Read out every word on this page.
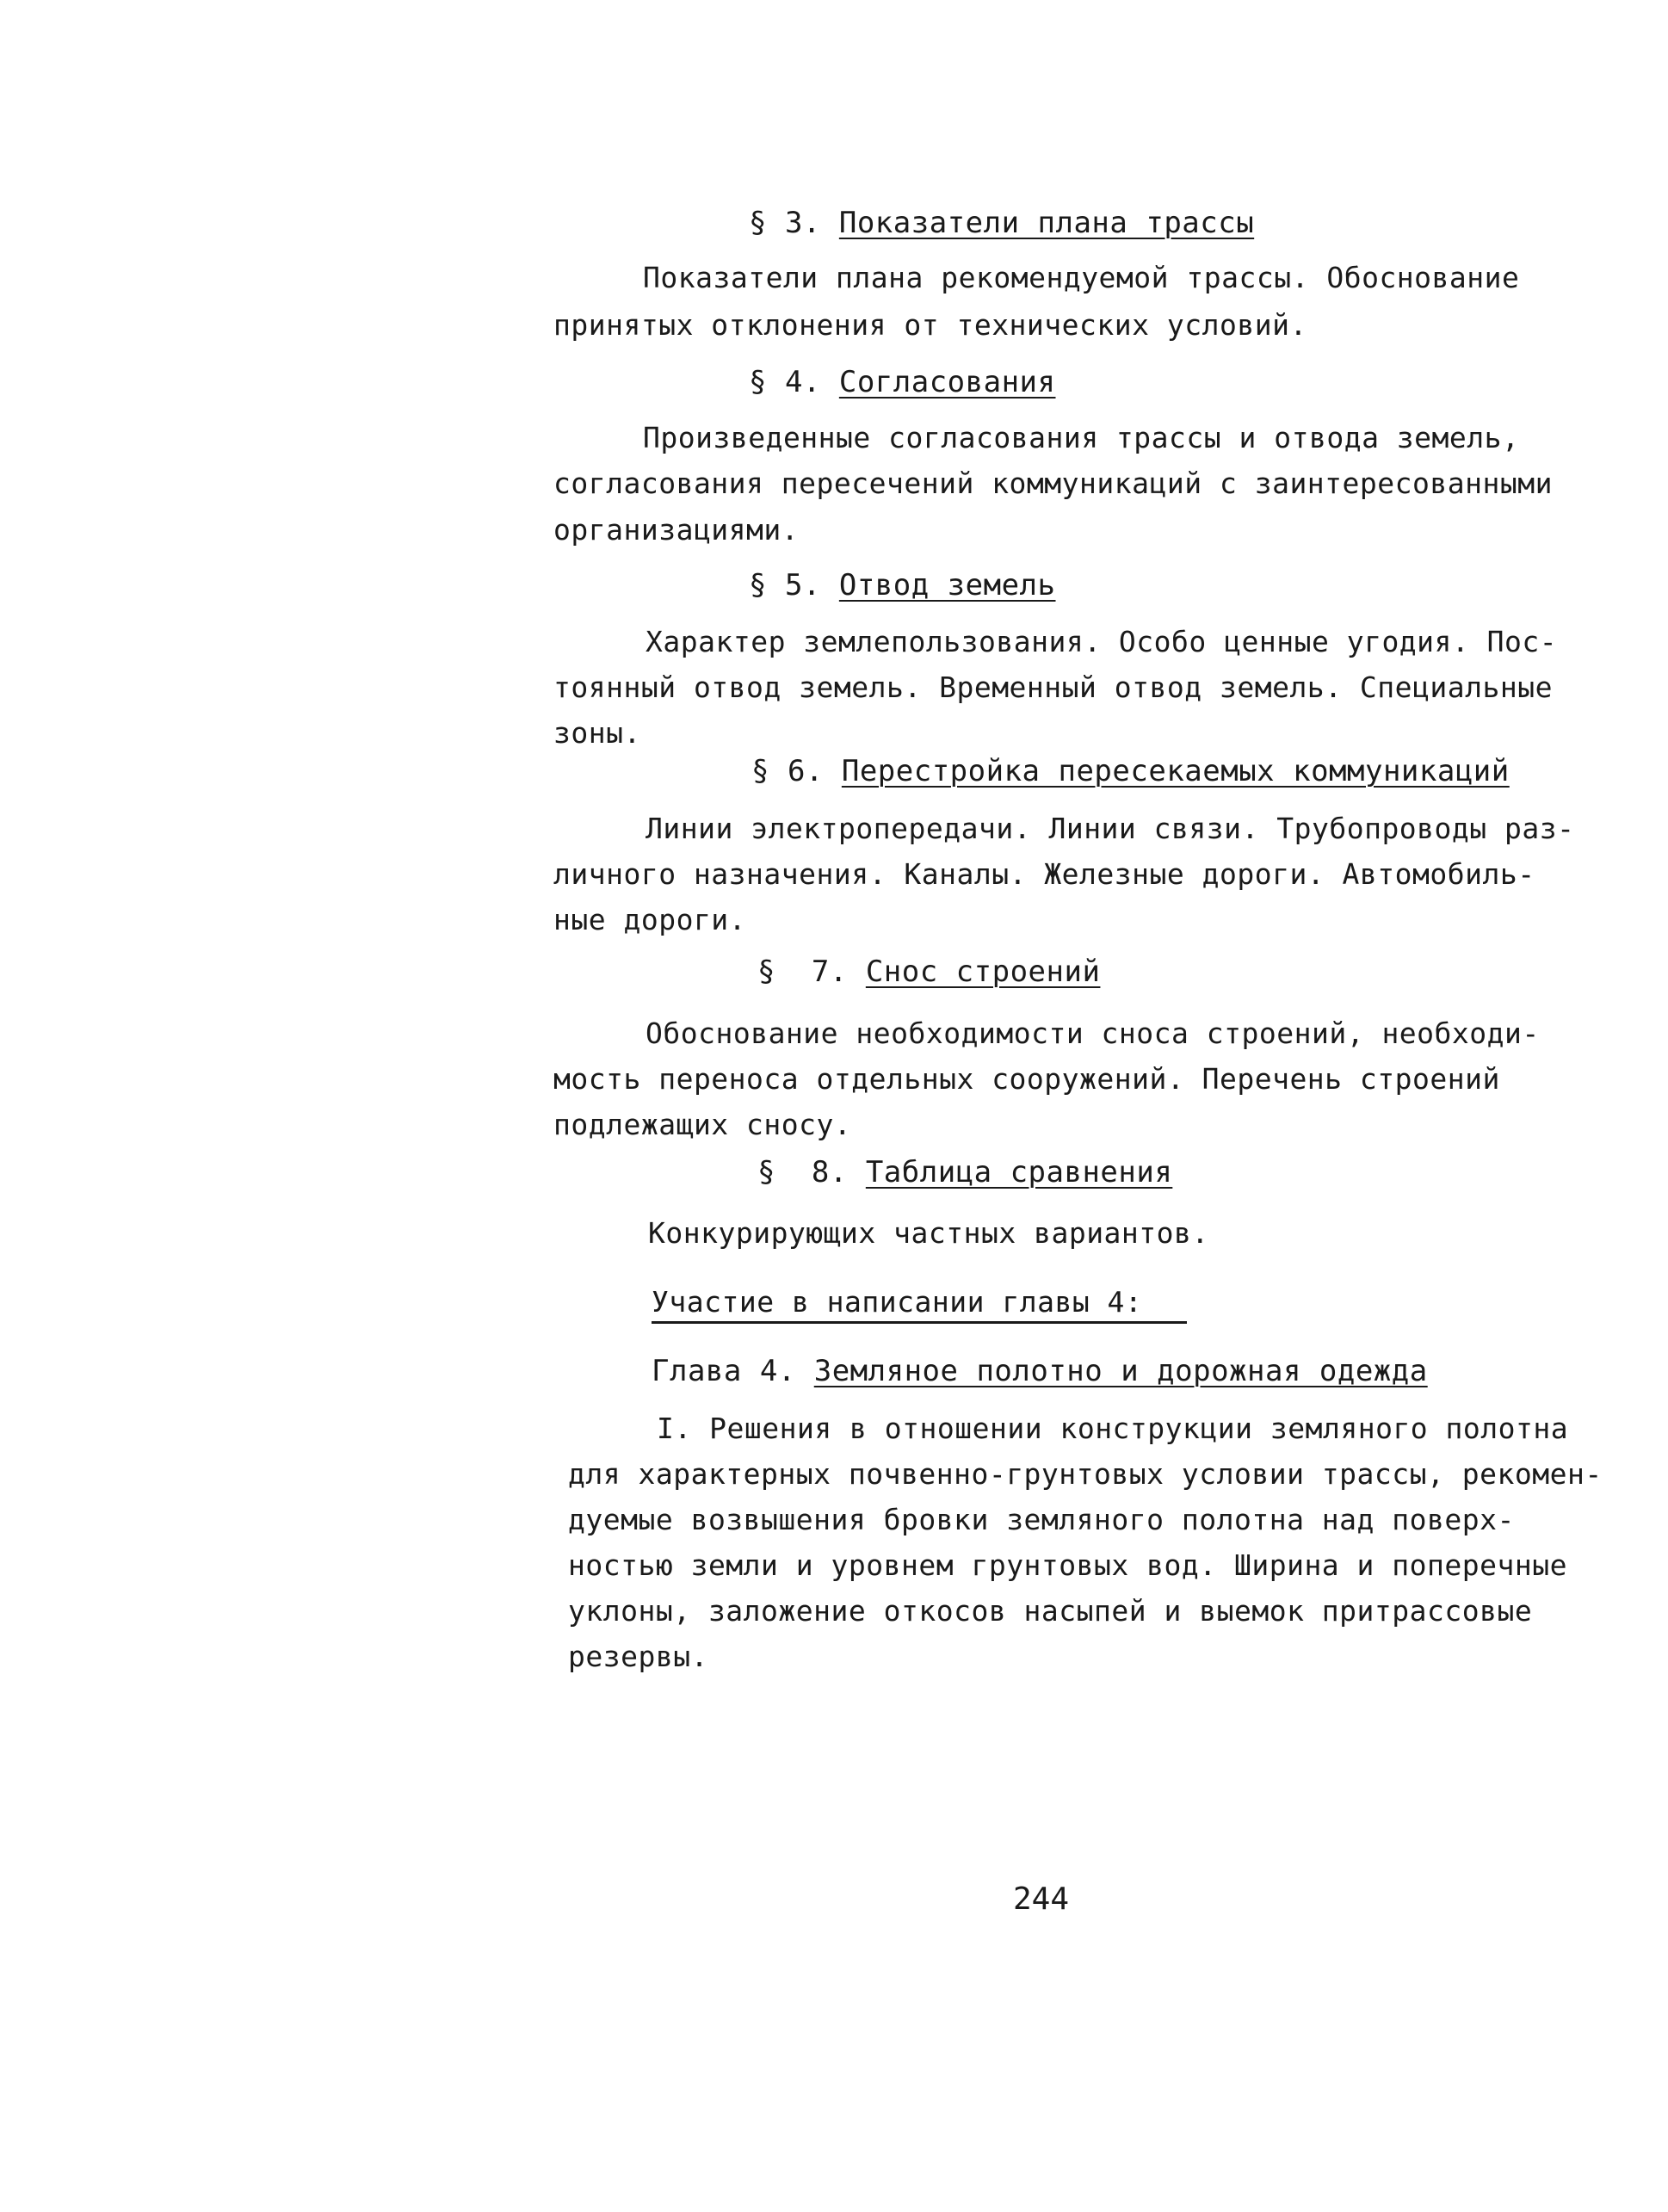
§ 3. Показатели плана трассы
Показатели плана рекомендуемой трассы. Обоснование
принятых отклонения от технических условий.
§ 4. Согласования
Произведенные согласования трассы и отвода земель,
согласования пересечений коммуникаций с заинтересованными
организациями.
§ 5. Отвод земель
Характер землепользования. Особо ценные угодия. Пос-
тоянный отвод земель. Временный отвод земель. Специальные
зоны.
§ 6. Перестройка пересекаемых коммуникаций
Линии электропередачи. Линии связи. Трубопроводы раз-
личного назначения. Каналы. Железные дороги. Автомобиль-
ные дороги.
§  7. Снос строений
Обоснование необходимости сноса строений, необходи-
мость переноса отдельных сооружений. Перечень строений
подлежащих сносу.
§  8. Таблица сравнения
Конкурирующих частных вариантов.
Участие в написании главы 4:
Глава 4. Земляное полотно и дорожная одежда
I. Решения в отношении конструкции земляного полотна
для характерных почвенно-грунтовых условии трассы, рекомен-
дуемые возвышения бровки земляного полотна над поверх-
ностью земли и уровнем грунтовых вод. Ширина и поперечные
уклоны, заложение откосов насыпей и выемок притрассовые
резервы.
244
